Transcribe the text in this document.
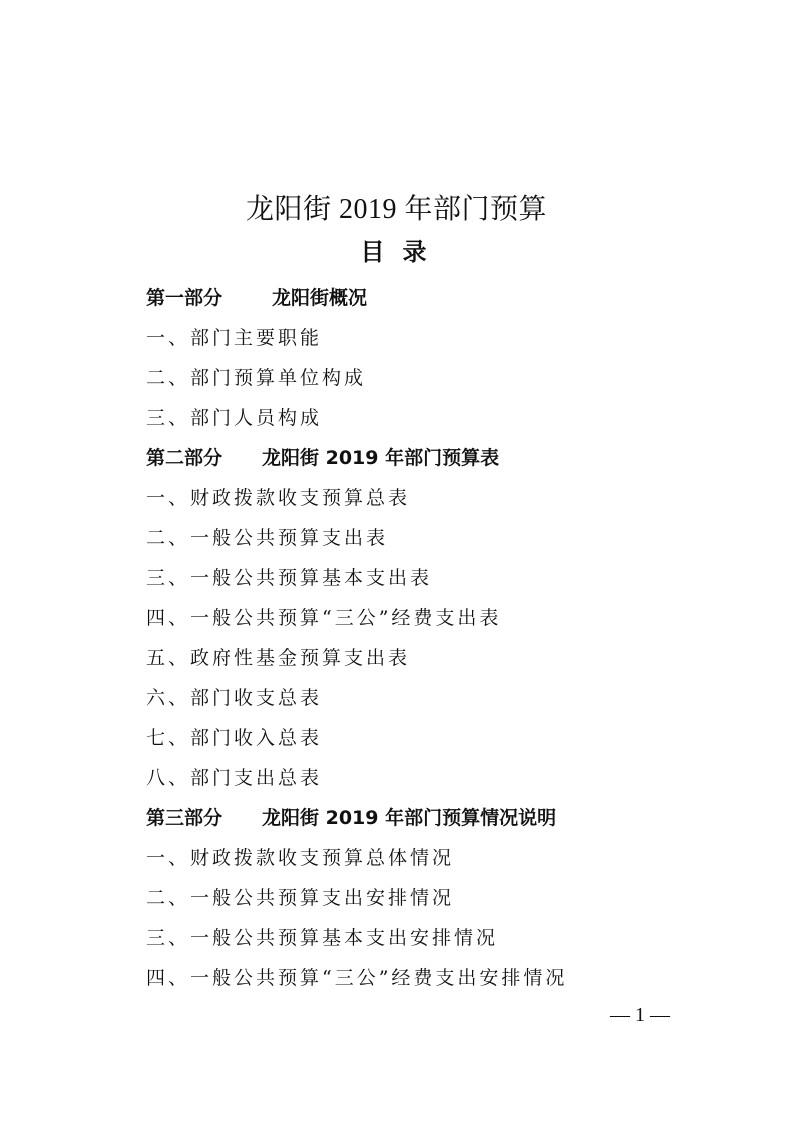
龙阳街 2019 年部门预算
目录
第一部分	龙阳街概况
一、部门主要职能
二、部门预算单位构成
三、部门人员构成
第二部分 龙阳街 2019 年部门预算表
一、财政拨款收支预算总表
二、一般公共预算支出表
三、一般公共预算基本支出表
四、一般公共预算“三公”经费支出表
五、政府性基金预算支出表
六、部门收支总表
七、部门收入总表
八、部门支出总表
第三部分 龙阳街 2019 年部门预算情况说明
一、财政拨款收支预算总体情况
二、一般公共预算支出安排情况
三、一般公共预算基本支出安排情况
四、一般公共预算“三公”经费支出安排情况
— 1 —
